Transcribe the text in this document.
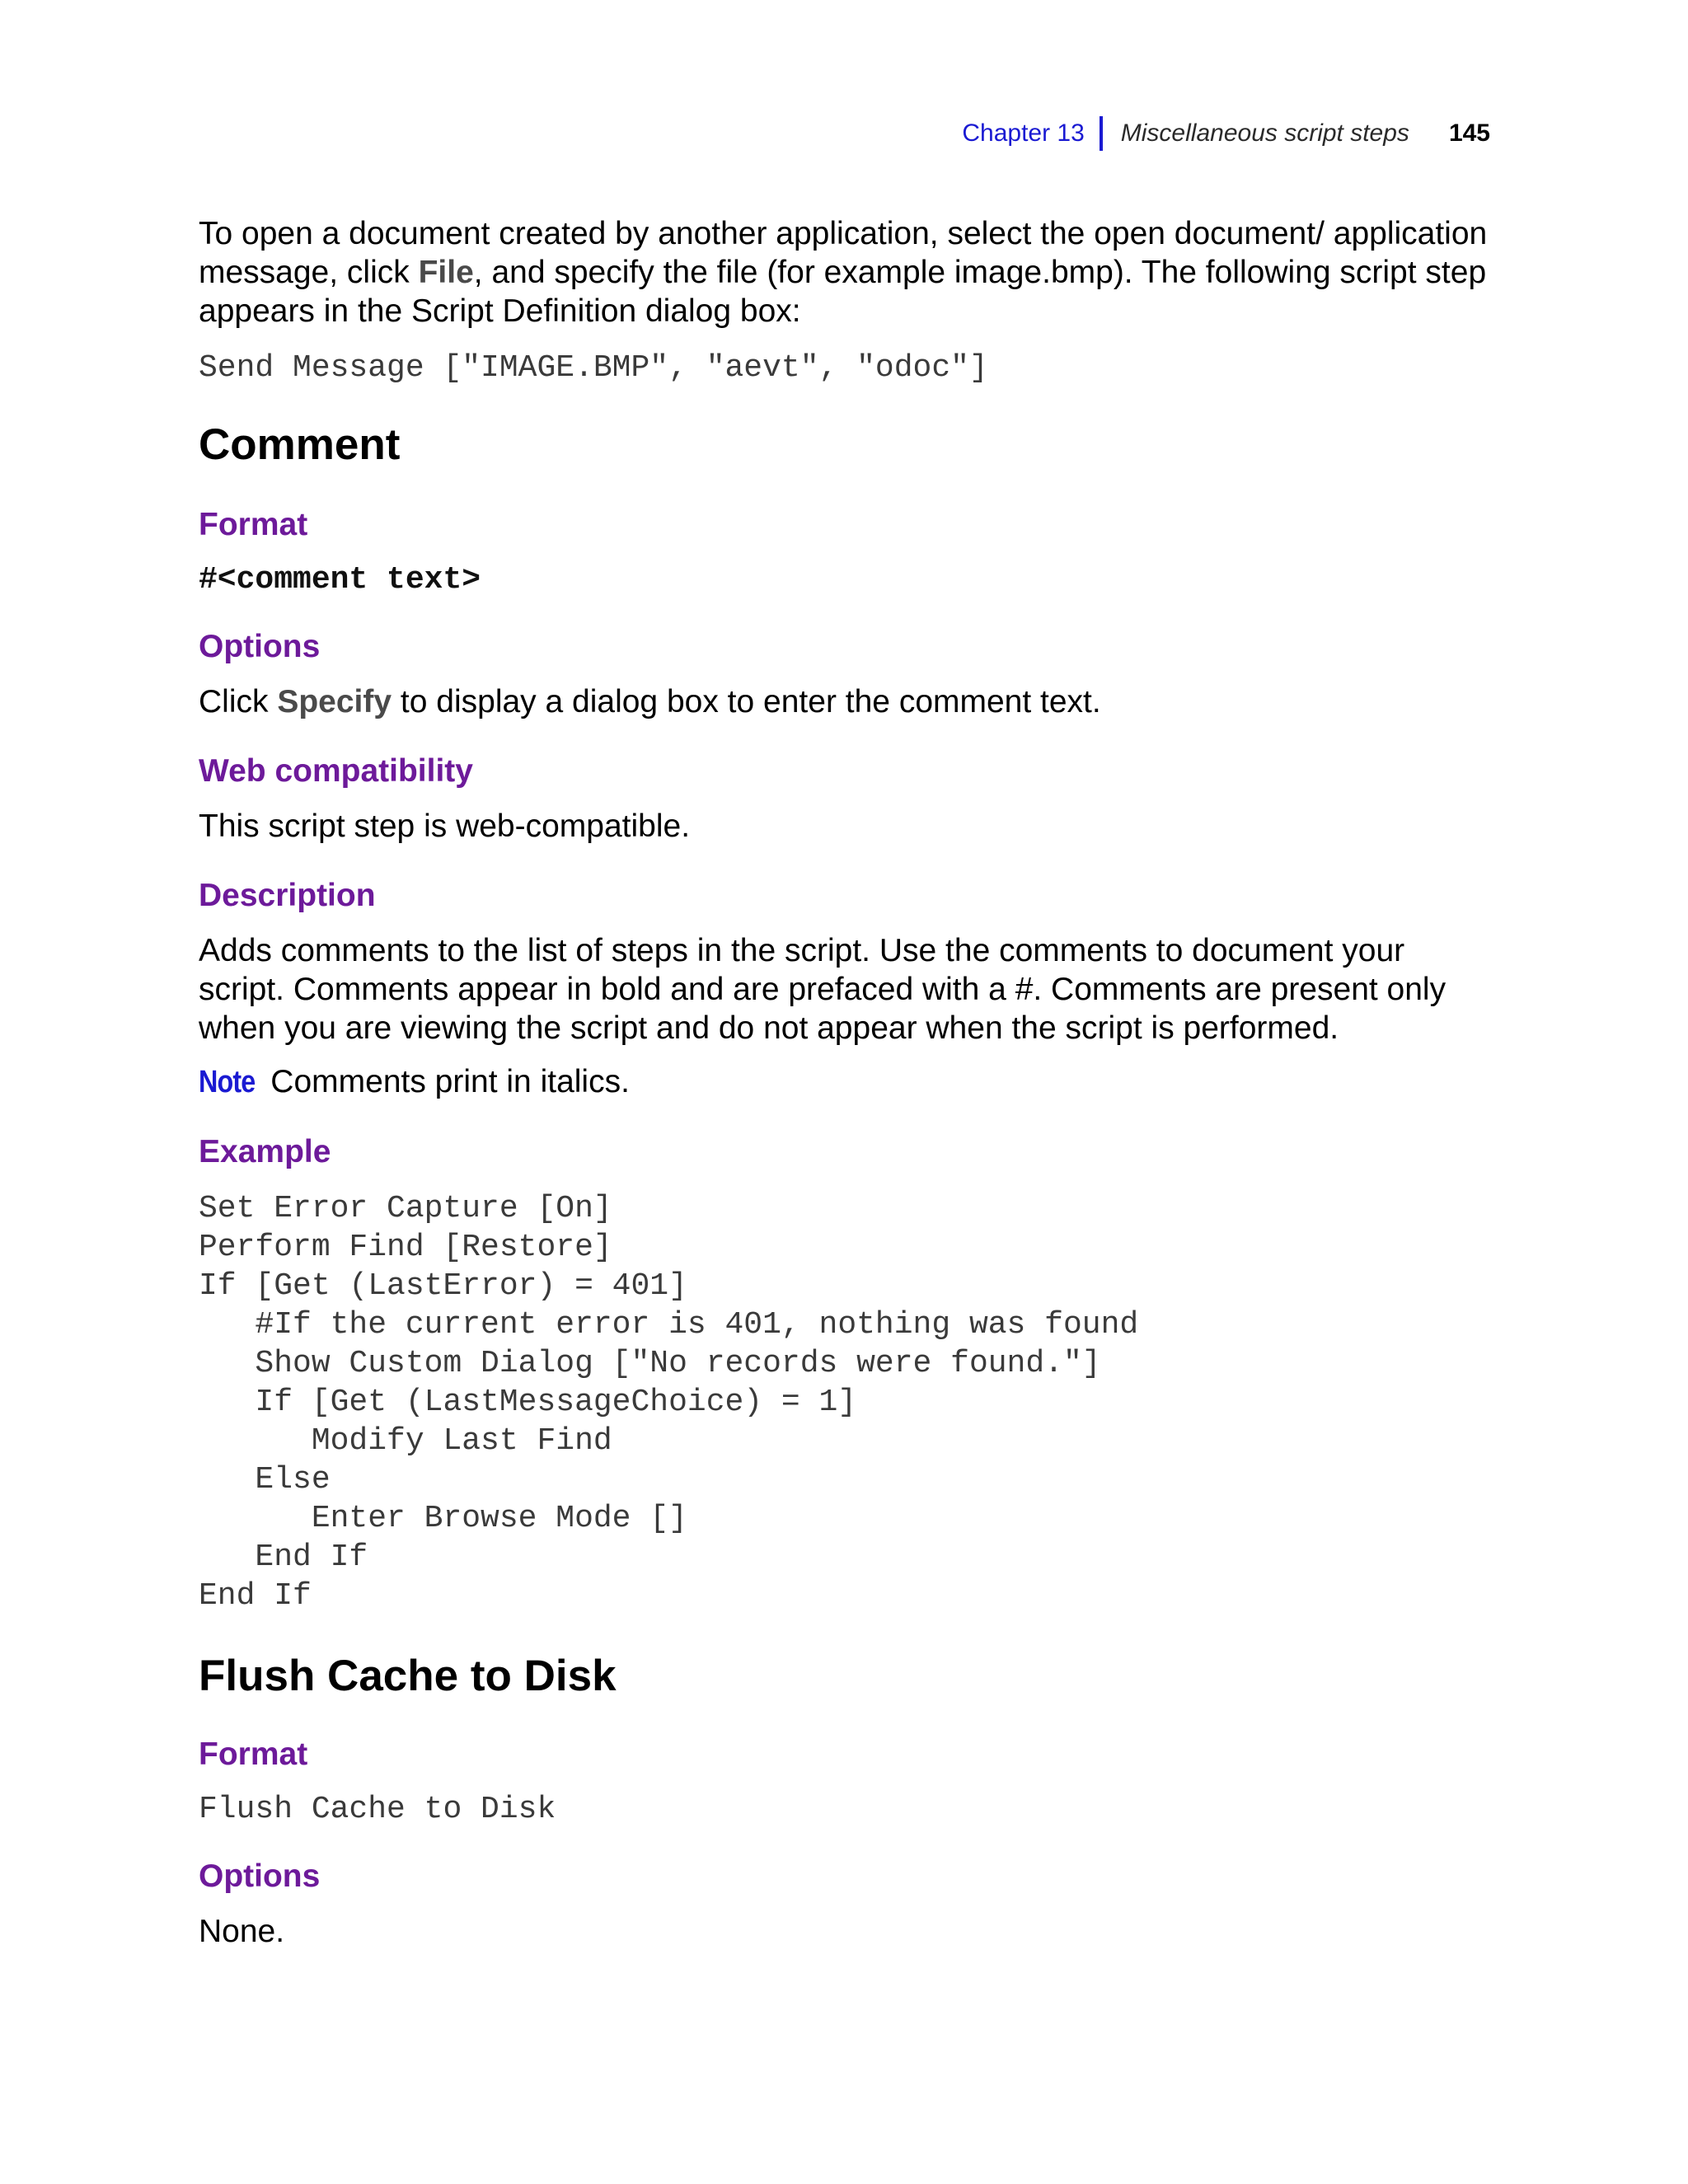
Chapter 13 Miscellaneous script steps 145

To open a document created by another application, select the open document/ application message, click File, and specify the file (for example image.bmp). The following script step appears in the Script Definition dialog box:

Send Message ["IMAGE.BMP", "aevt", "odoc"]
Comment
Format
#<comment text>
Options

Click Specify to display a dialog box to enter the comment text.

Web compatibility

This script step is web-compatible.

Description

Adds comments to the list of steps in the script. Use the comments to document your script. Comments appear in bold and are prefaced with a #. Comments are present only when you are viewing the script and do not appear when the script is performed.

Note Comments print in italics.

Example
Set Error Capture [On]
Perform Find [Restore]
If [Get (LastError) = 401]
#If the current error is 401, nothing was found
Show Custom Dialog ["No records were found."]
If [Get (LastMessageChoice) = 1]
Modify Last Find
Else
Enter Browse Mode []
End If
End If
Flush Cache to Disk
Format
Flush Cache to Disk
Options

None.
